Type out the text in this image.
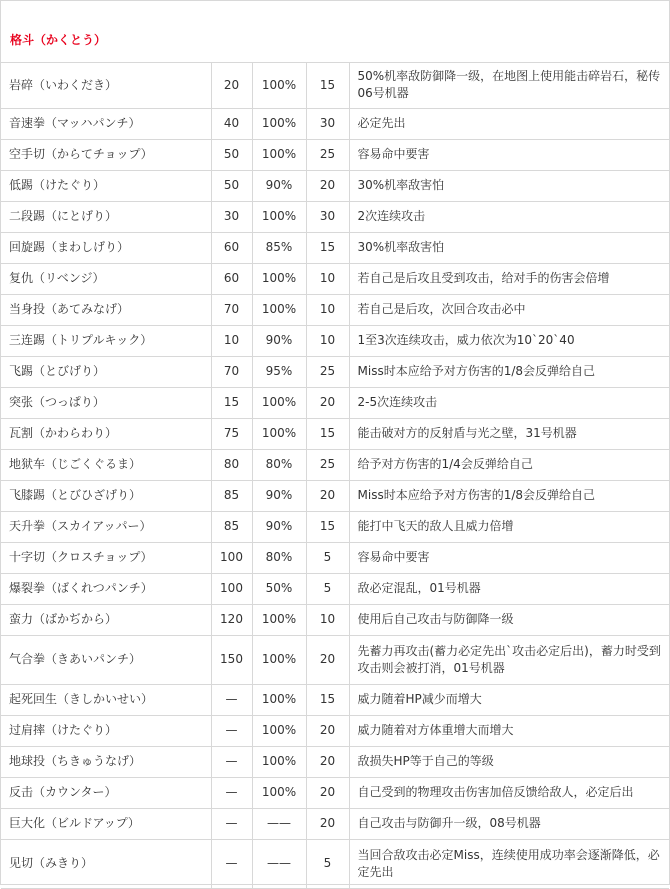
格斗（かくとう）
岩碎（いわくだき）	20	100%	15	50%机率敌防御降一级，在地图上使用能击碎岩石，秘传06号机器
音速拳（マッハパンチ）	40	100%	30	必定先出
空手切（からてチョップ）	50	100%	25	容易命中要害
低踢（けたぐり）	50	90%	20	30%机率敌害怕
二段踢（にとげり）	30	100%	30	2次连续攻击
回旋踢（まわしげり）	60	85%	15	30%机率敌害怕
复仇（リベンジ）	60	100%	10	若自己是后攻且受到攻击，给对手的伤害会倍增
当身投（あてみなげ）	70	100%	10	若自己是后攻，次回合攻击必中
三连踢（トリプルキック）	10	90%	10	1至3次连续攻击，威力依次为10`20`40
飞踢（とびげり）	70	95%	25	Miss时本应给予对方伤害的1/8会反弹给自己
突张（つっぱり）	15	100%	20	2-5次连续攻击
瓦割（かわらわり）	75	100%	15	能击破对方的反射盾与光之壁，31号机器
地狱车（じごくぐるま）	80	80%	25	给予对方伤害的1/4会反弹给自己
飞膝踢（とびひざげり）	85	90%	20	Miss时本应给予对方伤害的1/8会反弹给自己
天升拳（スカイアッパー）	85	90%	15	能打中飞天的敌人且威力倍增
十字切（クロスチョップ）	100	80%	5	容易命中要害
爆裂拳（ばくれつパンチ）	100	50%	5	敌必定混乱，01号机器
蛮力（ばかぢから）	120	100%	10	使用后自己攻击与防御降一级
气合拳（きあいパンチ）	150	100%	20	先蓄力再攻击(蓄力必定先出`攻击必定后出)，蓄力时受到攻击则会被打消，01号机器
起死回生（きしかいせい）	—	100%	15	威力随着HP减少而增大
过肩摔（けたぐり）	—	100%	20	威力随着对方体重增大而增大
地球投（ちきゅうなげ）	—	100%	20	敌损失HP等于自己的等级
反击（カウンター）	—	100%	20	自己受到的物理攻击伤害加倍反馈给敌人，必定后出
巨大化（ビルドアップ）	—	——	20	自己攻击与防御升一级，08号机器
见切（みきり）	—	——	5	当回合敌攻击必定Miss，连续使用成功率会逐渐降低，必定先出
